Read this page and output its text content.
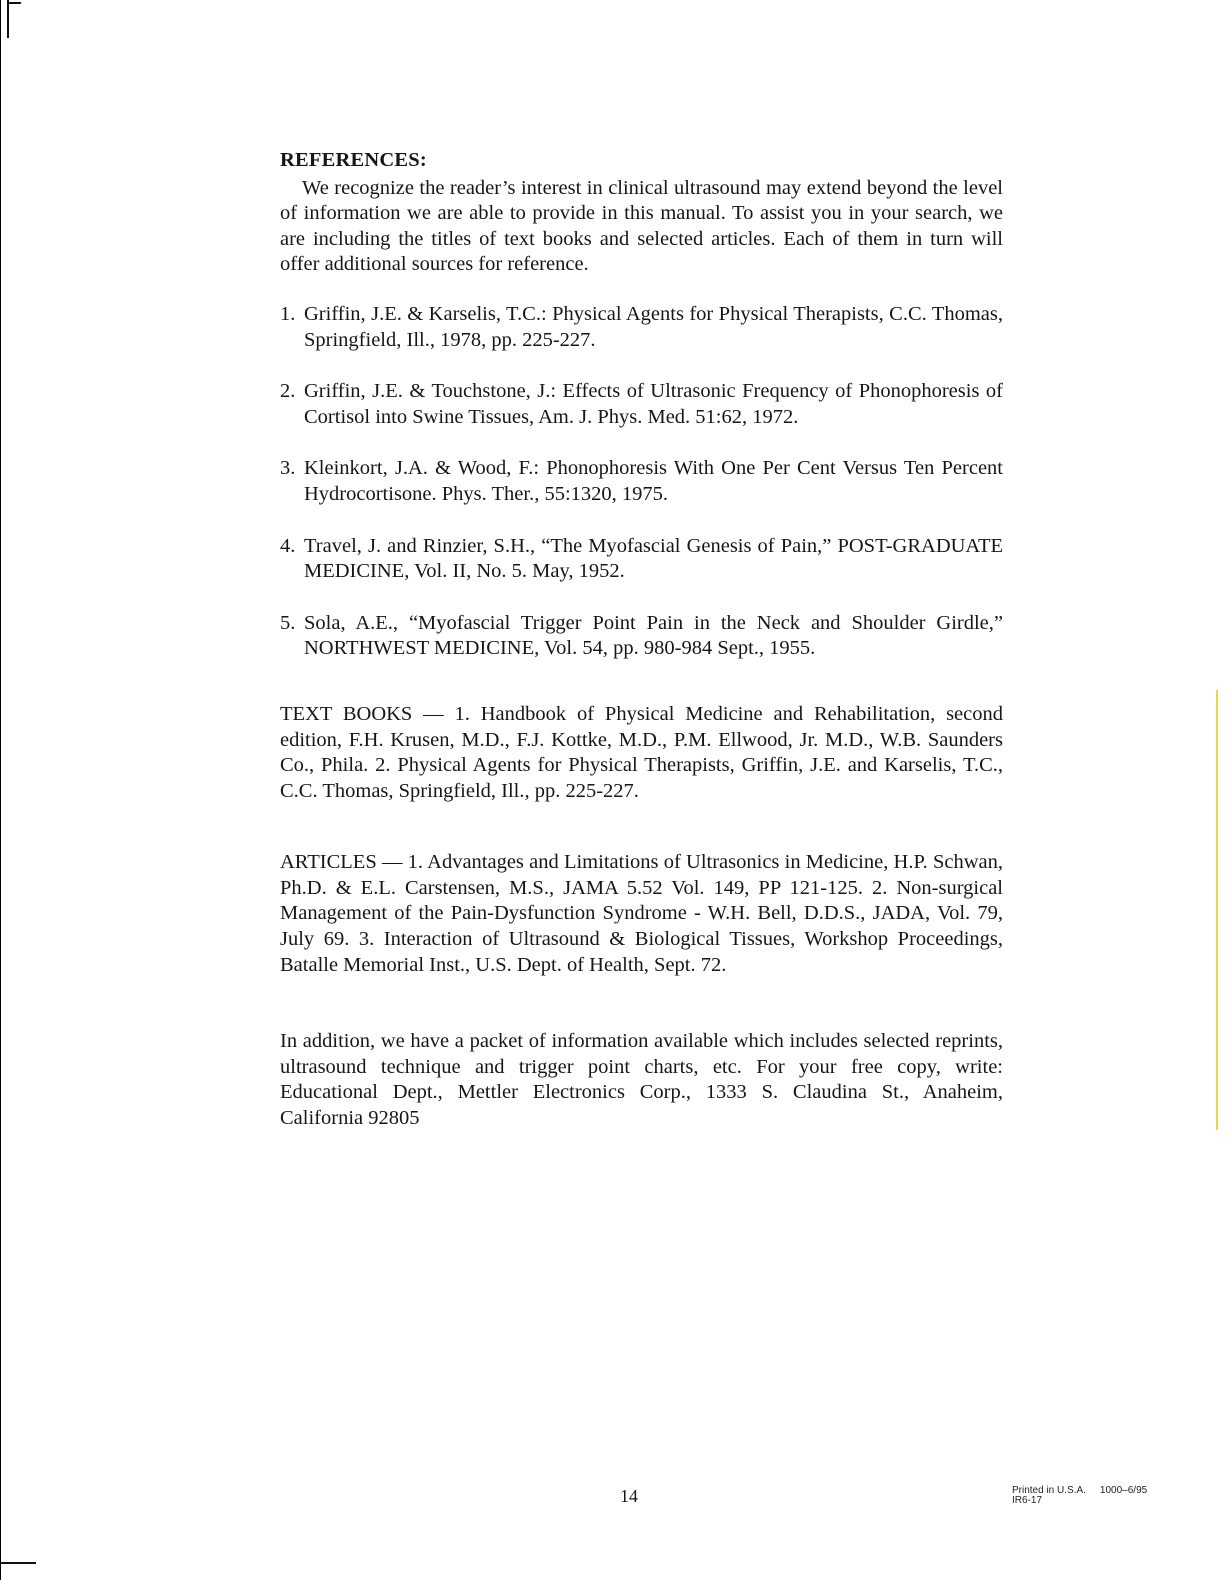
REFERENCES:

We recognize the reader’s interest in clinical ultrasound may extend beyond the level of information we are able to provide in this manual. To assist you in your search, we are including the titles of text books and selected articles. Each of them in turn will offer additional sources for reference.

1. Griffin, J.E. & Karselis, T.C.: Physical Agents for Physical Therapists, C.C. Thomas, Springfield, Ill., 1978, pp. 225-227.
2. Griffin, J.E. & Touchstone, J.: Effects of Ultrasonic Frequency of Phonophoresis of Cortisol into Swine Tissues, Am. J. Phys. Med. 51:62, 1972.
3. Kleinkort, J.A. & Wood, F.: Phonophoresis With One Per Cent Versus Ten Percent Hydrocortisone. Phys. Ther., 55:1320, 1975.
4. Travel, J. and Rinzier, S.H., “The Myofascial Genesis of Pain,” POST-GRADUATE MEDICINE, Vol. II, No. 5. May, 1952.
5. Sola, A.E., “Myofascial Trigger Point Pain in the Neck and Shoulder Girdle,” NORTHWEST MEDICINE, Vol. 54, pp. 980-984 Sept., 1955.

TEXT BOOKS — 1. Handbook of Physical Medicine and Rehabilitation, second edition, F.H. Krusen, M.D., F.J. Kottke, M.D., P.M. Ellwood, Jr. M.D., W.B. Saunders Co., Phila. 2. Physical Agents for Physical Therapists, Griffin, J.E. and Karselis, T.C., C.C. Thomas, Springfield, Ill., pp. 225-227.

ARTICLES — 1. Advantages and Limitations of Ultrasonics in Medicine, H.P. Schwan, Ph.D. & E.L. Carstensen, M.S., JAMA 5.52 Vol. 149, PP 121-125. 2. Non-surgical Management of the Pain-Dysfunction Syndrome - W.H. Bell, D.D.S., JADA, Vol. 79, July 69. 3. Interaction of Ultrasound & Biological Tissues, Workshop Proceedings, Batalle Memorial Inst., U.S. Dept. of Health, Sept. 72.

In addition, we have a packet of information available which includes selected reprints, ultrasound technique and trigger point charts, etc. For your free copy, write: Educational Dept., Mettler Electronics Corp., 1333 S. Claudina St., Anaheim, California 92805

14	Printed in U.S.A. 1000–6/95
IR6-17
